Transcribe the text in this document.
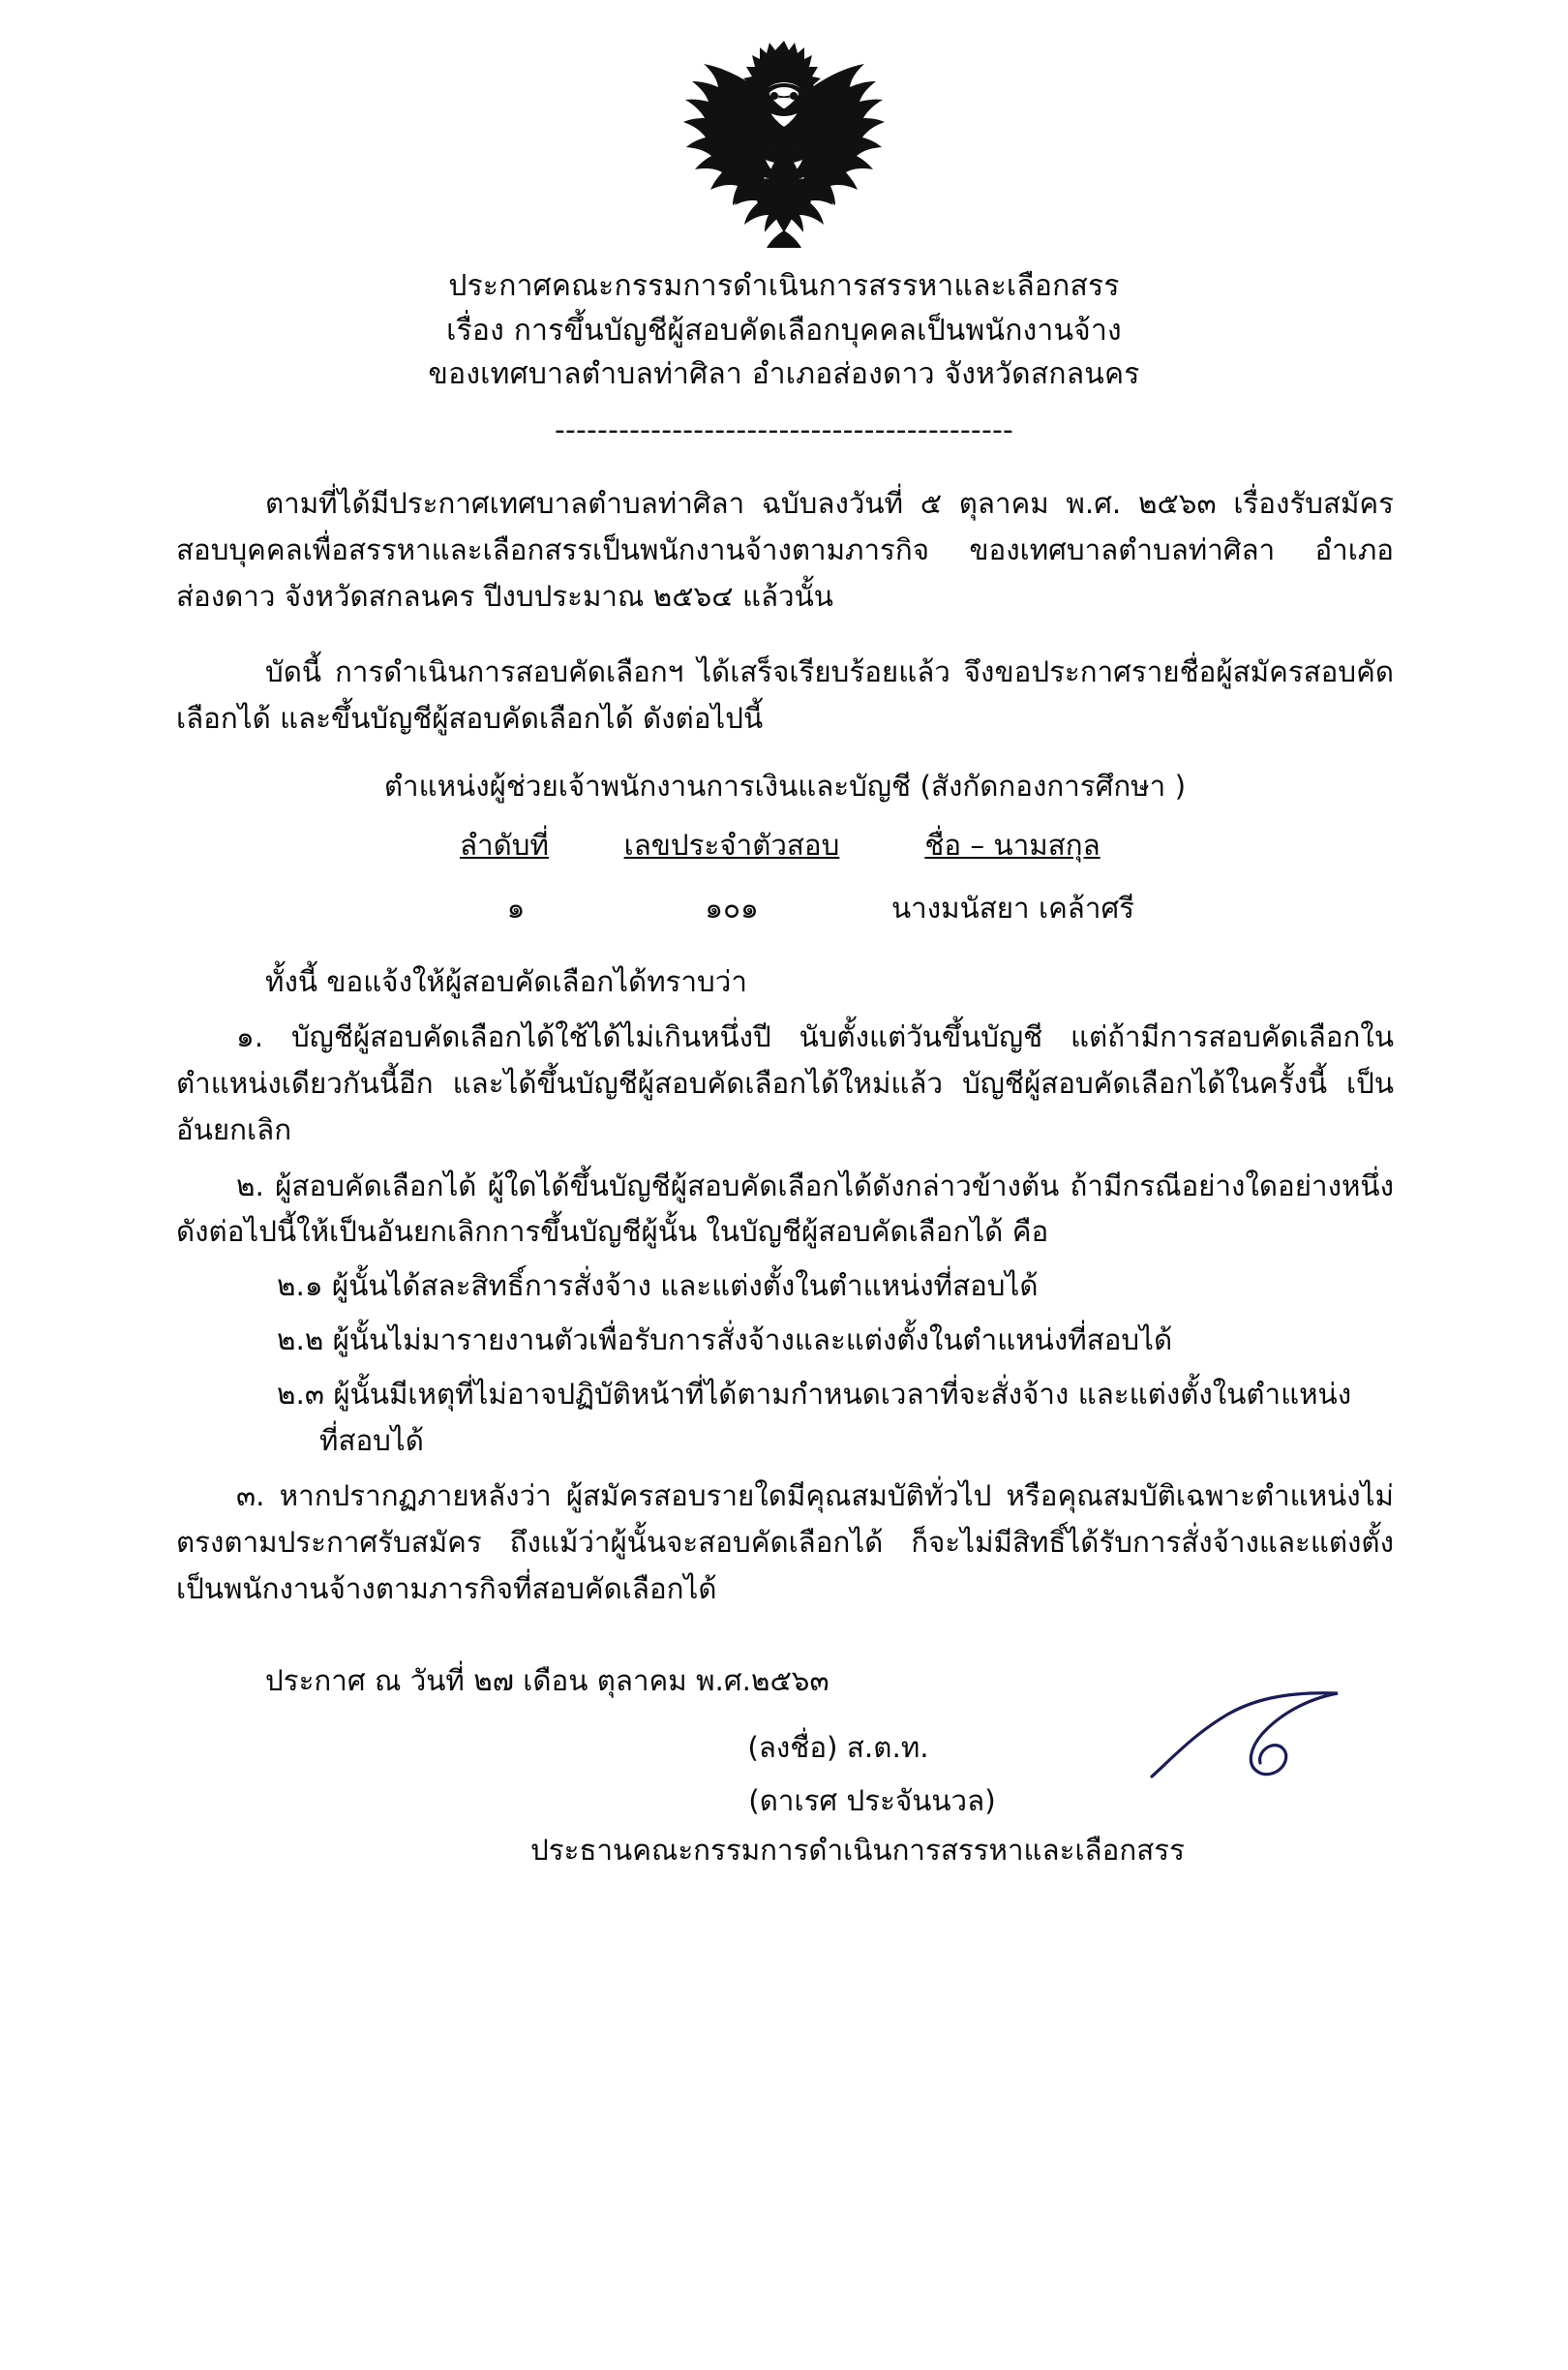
ประกาศคณะกรรมการดำเนินการสรรหาและเลือกสรร
เรื่อง การขึ้นบัญชีผู้สอบคัดเลือกบุคคลเป็นพนักงานจ้าง
ของเทศบาลตำบลท่าศิลา อำเภอส่องดาว จังหวัดสกลนคร
-------------------------------------------
ตามที่ได้มีประกาศเทศบาลตำบลท่าศิลา ฉบับลงวันที่ ๕ ตุลาคม พ.ศ. ๒๕๖๓ เรื่องรับสมัครสอบบุคคลเพื่อสรรหาและเลือกสรรเป็นพนักงานจ้างตามภารกิจ ของเทศบาลตำบลท่าศิลา อำเภอส่องดาว จังหวัดสกลนคร ปีงบประมาณ ๒๕๖๔ แล้วนั้น
บัดนี้ การดำเนินการสอบคัดเลือกฯ ได้เสร็จเรียบร้อยแล้ว จึงขอประกาศรายชื่อผู้สมัครสอบคัดเลือกได้ และขึ้นบัญชีผู้สอบคัดเลือกได้ ดังต่อไปนี้
ตำแหน่งผู้ช่วยเจ้าพนักงานการเงินและบัญชี (สังกัดกองการศึกษา )
ลำดับที่	เลขประจำตัวสอบ	ชื่อ – นามสกุล
๑	๑๐๑	นางมนัสยา เคล้าศรี
ทั้งนี้ ขอแจ้งให้ผู้สอบคัดเลือกได้ทราบว่า
๑. บัญชีผู้สอบคัดเลือกได้ใช้ได้ไม่เกินหนึ่งปี นับตั้งแต่วันขึ้นบัญชี แต่ถ้ามีการสอบคัดเลือกในตำแหน่งเดียวกันนี้อีก และได้ขึ้นบัญชีผู้สอบคัดเลือกได้ใหม่แล้ว บัญชีผู้สอบคัดเลือกได้ในครั้งนี้ เป็นอันยกเลิก
๒. ผู้สอบคัดเลือกได้ ผู้ใดได้ขึ้นบัญชีผู้สอบคัดเลือกได้ดังกล่าวข้างต้น ถ้ามีกรณีอย่างใดอย่างหนึ่งดังต่อไปนี้ให้เป็นอันยกเลิกการขึ้นบัญชีผู้นั้น ในบัญชีผู้สอบคัดเลือกได้ คือ
๒.๑ ผู้นั้นได้สละสิทธิ์การสั่งจ้าง และแต่งตั้งในตำแหน่งที่สอบได้
๒.๒ ผู้นั้นไม่มารายงานตัวเพื่อรับการสั่งจ้างและแต่งตั้งในตำแหน่งที่สอบได้
๒.๓ ผู้นั้นมีเหตุที่ไม่อาจปฏิบัติหน้าที่ได้ตามกำหนดเวลาที่จะสั่งจ้าง และแต่งตั้งในตำแหน่ง
ที่สอบได้
๓. หากปรากฏภายหลังว่า ผู้สมัครสอบรายใดมีคุณสมบัติทั่วไป หรือคุณสมบัติเฉพาะตำแหน่งไม่ตรงตามประกาศรับสมัคร ถึงแม้ว่าผู้นั้นจะสอบคัดเลือกได้ ก็จะไม่มีสิทธิ์ได้รับการสั่งจ้างและแต่งตั้งเป็นพนักงานจ้างตามภารกิจที่สอบคัดเลือกได้
ประกาศ ณ วันที่ ๒๗ เดือน ตุลาคม พ.ศ.๒๕๖๓
(ลงชื่อ) ส.ต.ท.
(ดาเรศ ประจันนวล)
ประธานคณะกรรมการดำเนินการสรรหาและเลือกสรร
